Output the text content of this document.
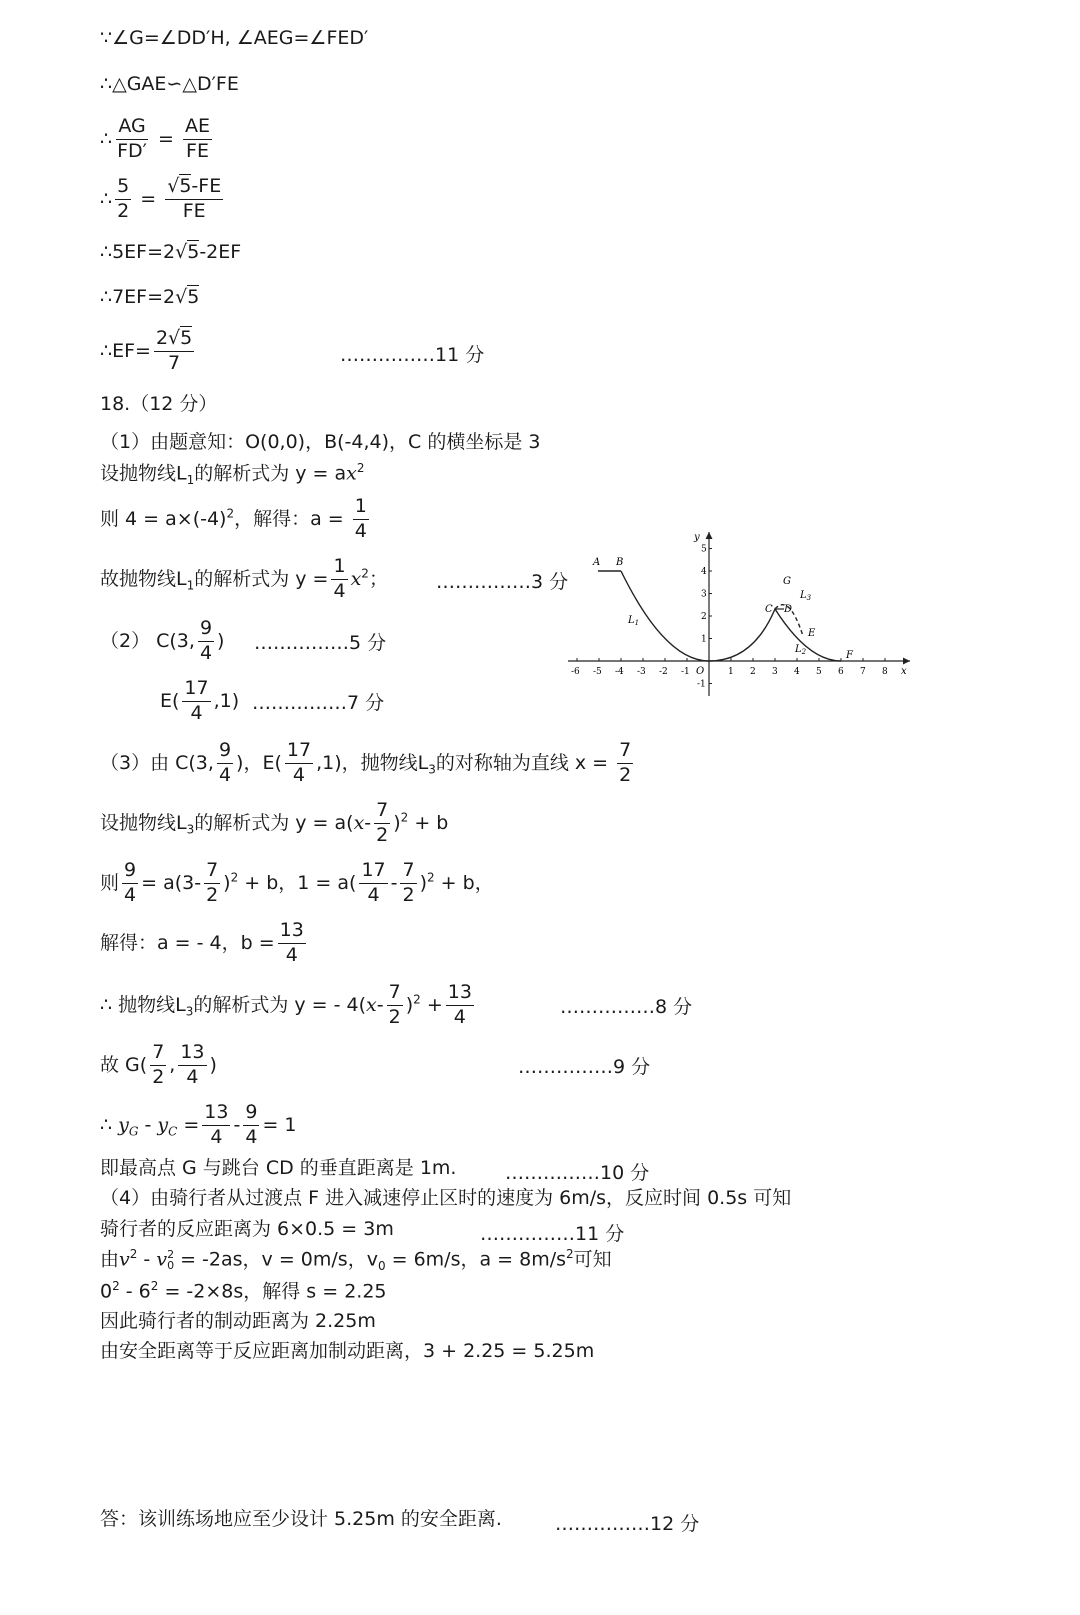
∵∠G=∠DD′H, ∠AEG=∠FED′
∴△GAE∽△D′FE
∴ $\frac{AG}{FD'} = \frac{AE}{FE}$
∴ $\frac{5}{2} = \frac{√5-FE}{FE}$
∴5EF=2√5-2EF
∴7EF=2√5
∴EF= $\frac{2√5}{7}$	……………11 分
18.（12 分）
（1）由题意知：O(0,0)，B(-4,4)，C 的横坐标是 3
设抛物线$L_1$的解析式为 $y = ax^2$
则 $4 = a\times(-4)^2$，解得：$a = \frac{1}{4}$
故抛物线$L_1$的解析式为 $y = \frac{1}{4} x^2$；	……………3 分
（2） C(3, $\frac{9}{4}$ ) ……………5 分
$E( \frac{17}{4} ,1)$ ……………7 分
（3）由 C(3, $\frac{9}{4}$ )，$E( \frac{17}{4} ,1)$，抛物线$L_3$的对称轴为直线 $x = \frac{7}{2}$
设抛物线$L_3$的解析式为 $y = a(x- \frac{7}{2} )^2 + b$
则 $\frac{9}{4} = a(3- \frac{7}{2} )^2 + b$，$1 = a( \frac{17}{4} - \frac{7}{2} )^2 + b$，
解得：a = - 4，$b = \frac{13}{4}$
∴ 抛物线$L_3$的解析式为 y = - $4(x- \frac{7}{2} )^2 + \frac{13}{4}$	……………8 分
故 $G( \frac{7}{2}$ , $\frac{13}{4}$ )	……………9 分
∴ $y_G - y_C = \frac{13}{4} - \frac{9}{4} = 1$
即最高点 G 与跳台 CD 的垂直距离是 1m.	……………10 分
（4）由骑行者从过渡点 F 进入减速停止区时的速度为 6m/s，反应时间 0.5s 可知
骑行者的反应距离为 6×0.5 = 3m	……………11 分
由$v^2$ - v 2
0 = -2as，v = 0m/s，$v_0 = 6m/s$，$a = 8m/s^2$可知
$0^2 - 6^2 = -2\times 8s$，解得 s = 2.25
因此骑行者的制动距离为 2.25m
由安全距离等于反应距离加制动距离，3 + 2.25 = 5.25m
答：该训练场地应至少设计 5.25m 的安全距离.	……………12 分
-6 -5 -4 -3 -2 -1	1 2 3 4 5 6 7 8
-1
1
2
3
4
5
x
y
O
A B
C D
G
E
F
$L_1$
$L_2$
$L_3$
